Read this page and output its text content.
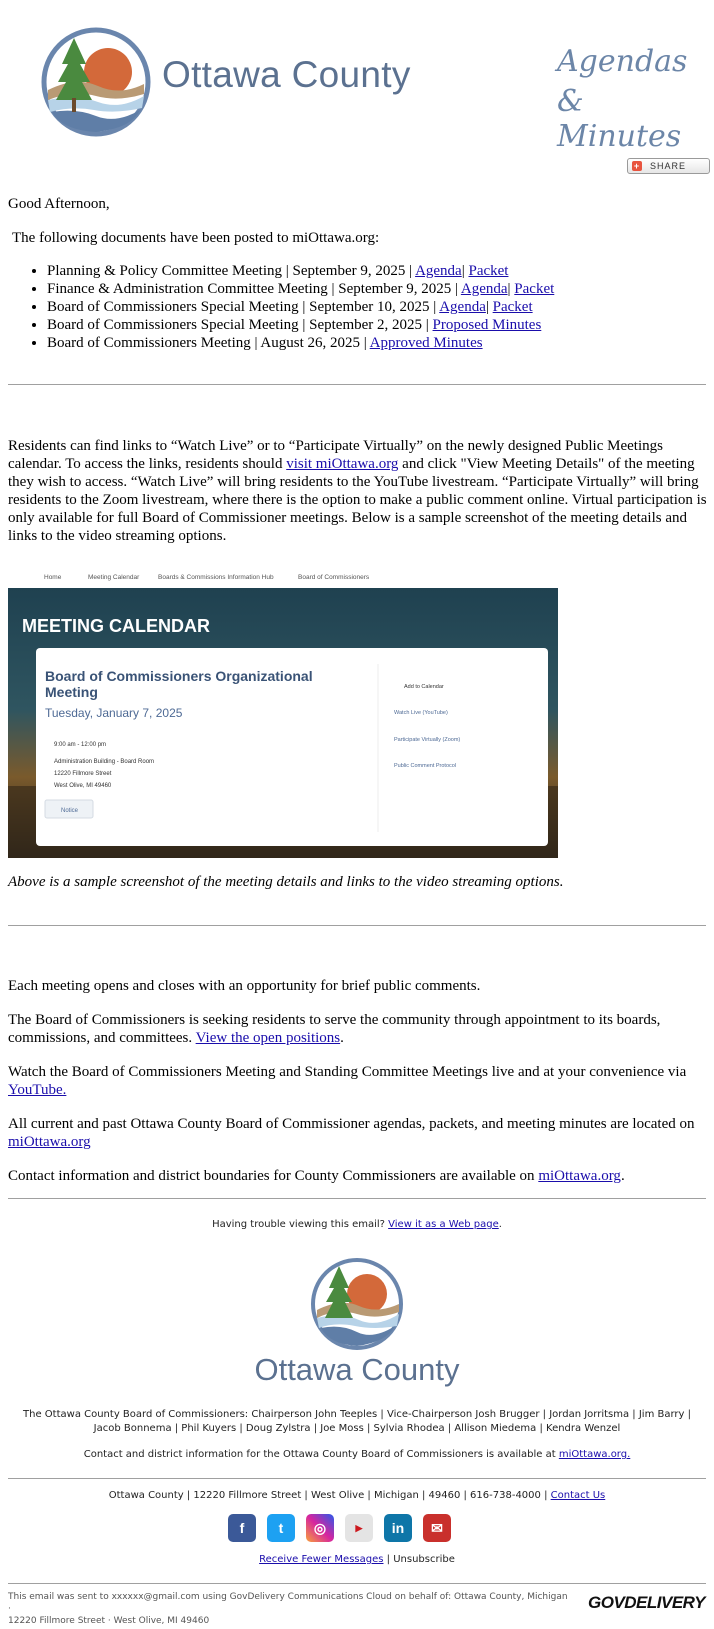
Ottawa County	Agendas
& Minutes
+ SHARE

Good Afternoon,

The following documents have been posted to miOttawa.org:

• Planning & Policy Committee Meeting | September 9, 2025 | Agenda| Packet
• Finance & Administration Committee Meeting | September 9, 2025 | Agenda| Packet
• Board of Commissioners Special Meeting | September 10, 2025 | Agenda| Packet
• Board of Commissioners Special Meeting | September 2, 2025 | Proposed Minutes
• Board of Commissioners Meeting | August 26, 2025 | Approved Minutes

Residents can find links to “Watch Live” or to “Participate Virtually” on the newly designed Public Meetings calendar. To access the links, residents should visit miOttawa.org and click "View Meeting Details" of the meeting they wish to access. “Watch Live” will bring residents to the YouTube livestream. “Participate Virtually” will bring residents to the Zoom livestream, where there is the option to make a public comment online. Virtual participation is only available for full Board of Commissioner meetings. Below is a sample screenshot of the meeting details and links to the video streaming options.

Home	Meeting Calendar	Boards & Commissions Information Hub	Board of Commissioners
MEETING CALENDAR
Board of Commissioners Organizational
Meeting
Tuesday, January 7, 2025
9:00 am - 12:00 pm
Administration Building - Board Room
12220 Fillmore Street
West Olive, MI 49460
Notice
Add to Calendar
Watch Live (YouTube)
Participate Virtually (Zoom)
Public Comment Protocol

Above is a sample screenshot of the meeting details and links to the video streaming options.

Each meeting opens and closes with an opportunity for brief public comments.

The Board of Commissioners is seeking residents to serve the community through appointment to its boards, commissions, and committees. View the open positions.

Watch the Board of Commissioners Meeting and Standing Committee Meetings live and at your convenience via YouTube.

All current and past Ottawa County Board of Commissioner agendas, packets, and meeting minutes are located on miOttawa.org

Contact information and district boundaries for County Commissioners are available on miOttawa.org.

Having trouble viewing this email? View it as a Web page.
Ottawa County
The Ottawa County Board of Commissioners: Chairperson John Teeples | Vice-Chairperson Josh Brugger | Jordan Jorritsma | Jim Barry | Jacob Bonnema | Phil Kuyers | Doug Zylstra | Joe Moss | Sylvia Rhodea | Allison Miedema | Kendra Wenzel
Contact and district information for the Ottawa County Board of Commissioners is available at miOttawa.org.
Ottawa County | 12220 Fillmore Street | West Olive | Michigan | 49460 | 616-738-4000 | Contact Us
f	t	◎	▶	in	✉
Receive Fewer Messages | Unsubscribe
This email was sent to xxxxxx@gmail.com using GovDelivery Communications Cloud on behalf of: Ottawa County, Michigan ·
12220 Fillmore Street · West Olive, MI 49460
GOVDELIVERY
